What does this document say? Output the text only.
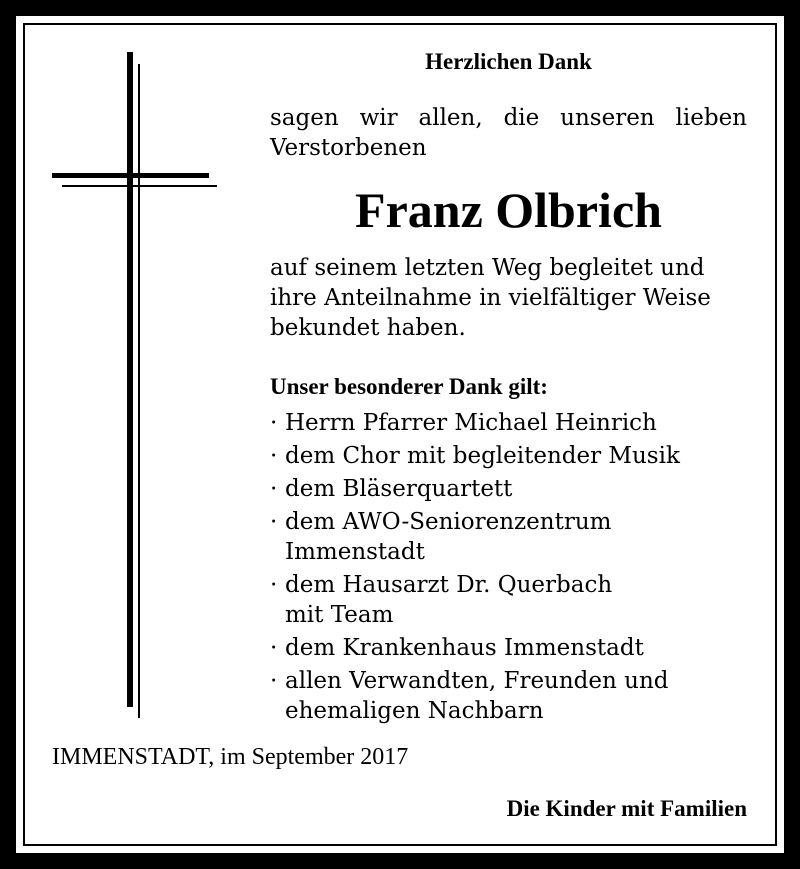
Herzlichen Dank
sagen wir allen, die unseren lieben Verstorbenen
Franz Olbrich
auf seinem letzten Weg begleitet und ihre Anteilnahme in vielfältiger Weise bekundet haben.
Unser besonderer Dank gilt:
· Herrn Pfarrer Michael Heinrich
· dem Chor mit begleitender Musik
· dem Bläserquartett
· dem AWO-Seniorenzentrum
Immenstadt
· dem Hausarzt Dr. Querbach
mit Team
· dem Krankenhaus Immenstadt
· allen Verwandten, Freunden und
ehemaligen Nachbarn
IMMENSTADT, im September 2017
Die Kinder mit Familien
